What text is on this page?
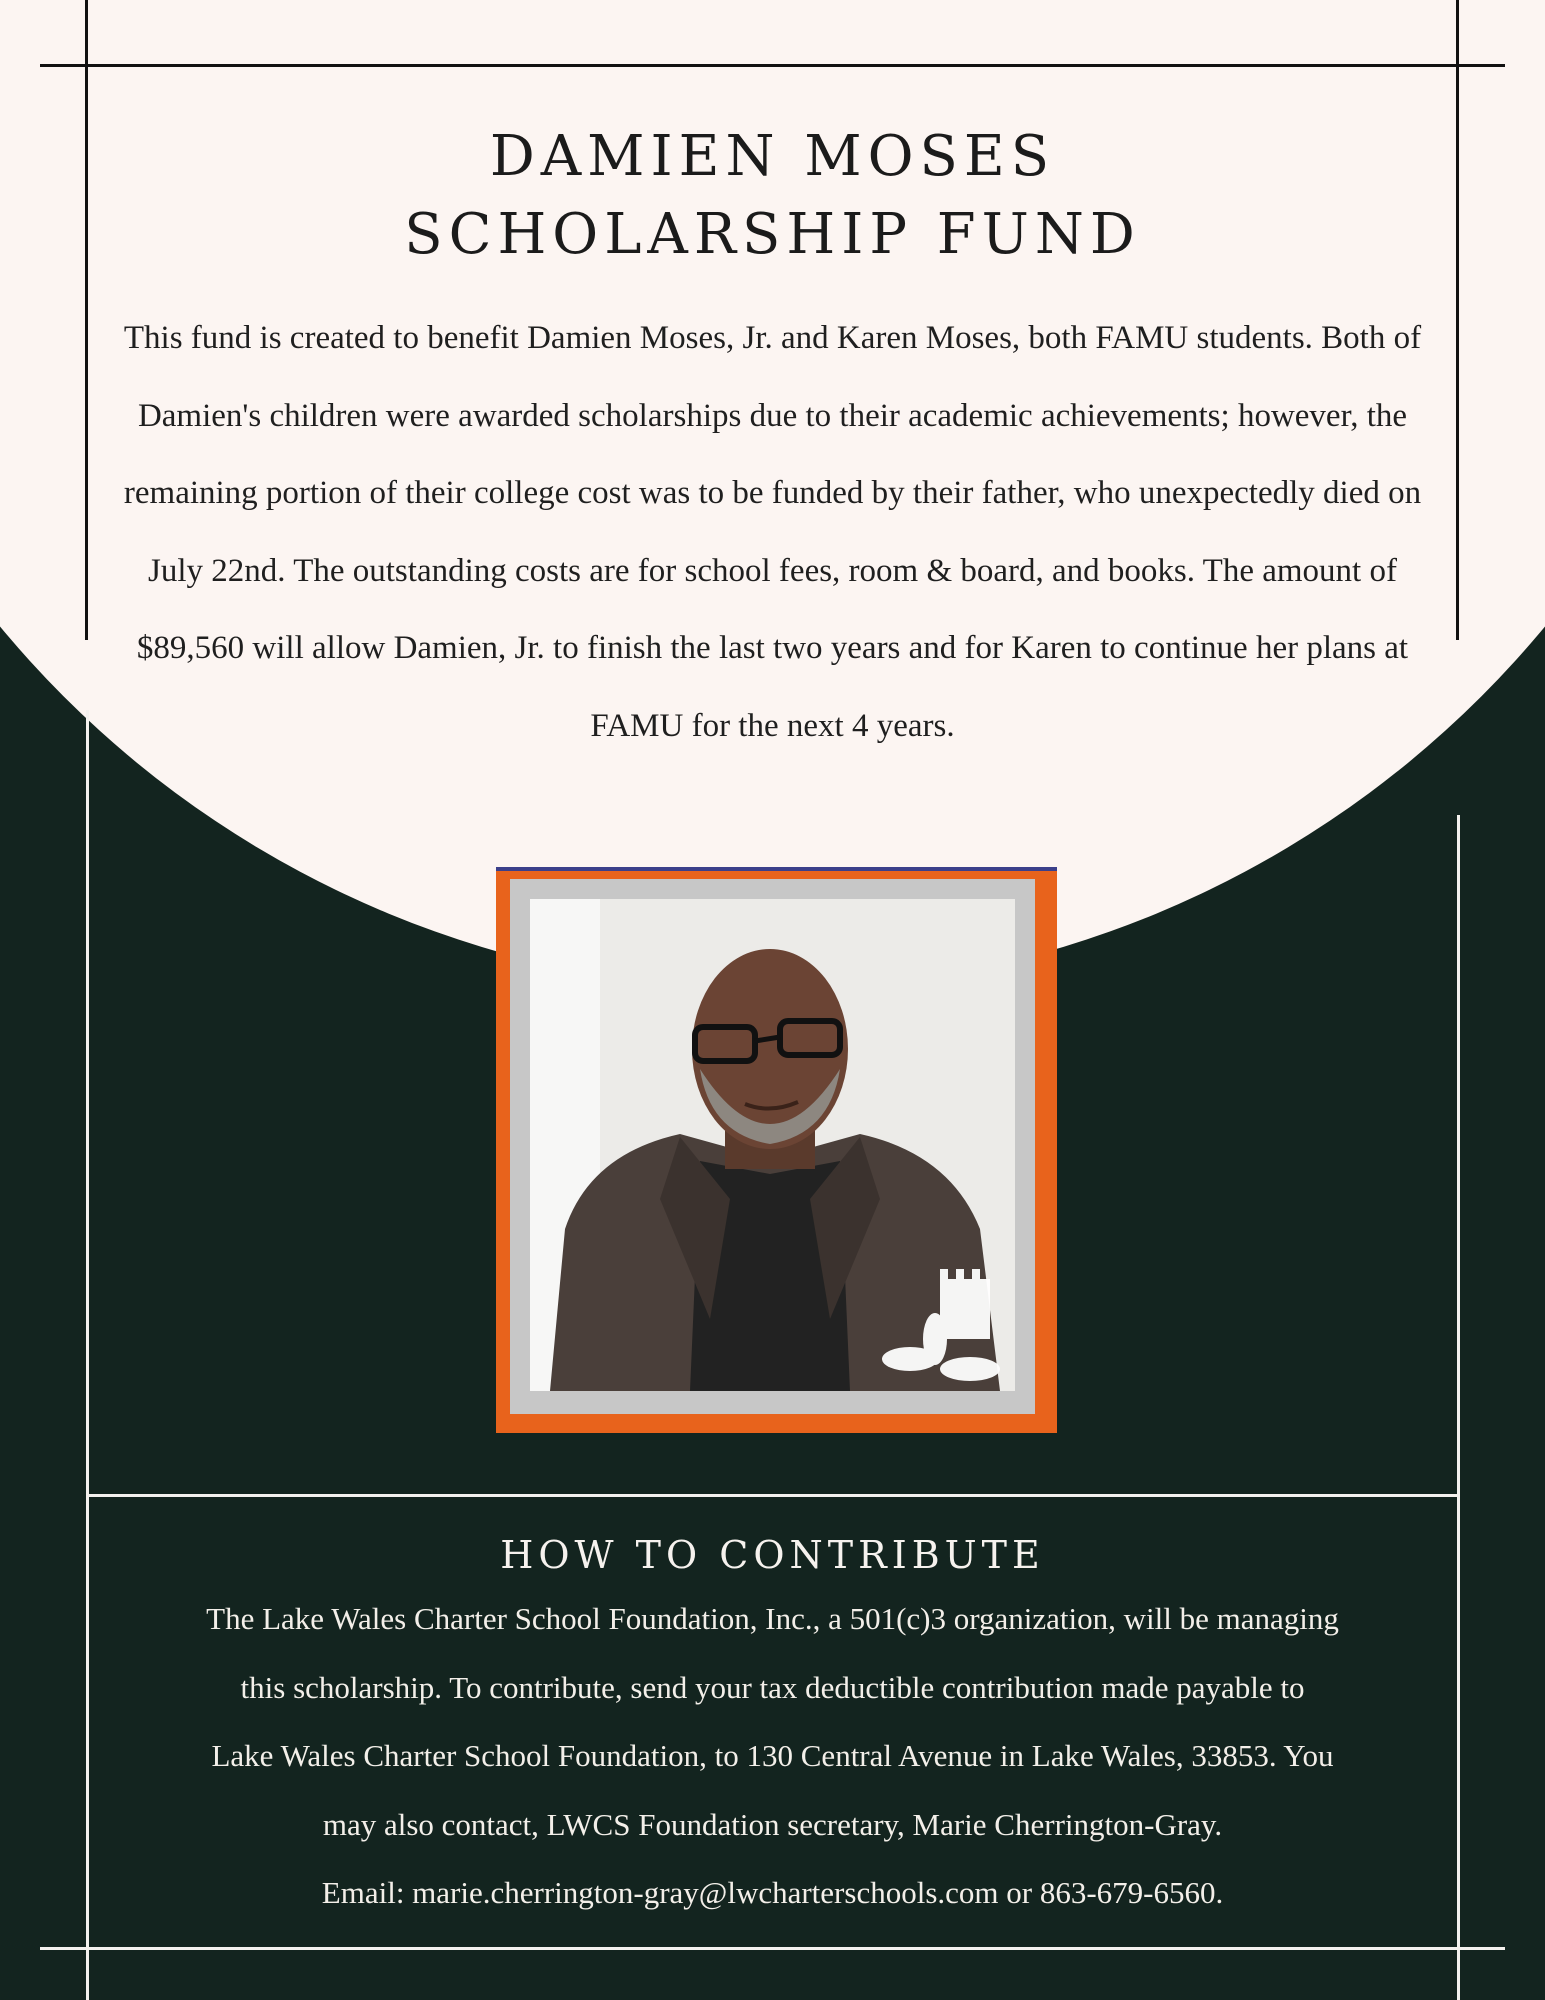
DAMIEN MOSES
SCHOLARSHIP FUND

This fund is created to benefit Damien Moses, Jr. and Karen Moses, both FAMU students. Both of Damien's children were awarded scholarships due to their academic achievements; however, the remaining portion of their college cost was to be funded by their father, who unexpectedly died on July 22nd. The outstanding costs are for school fees, room & board, and books. The amount of $89,560 will allow Damien, Jr. to finish the last two years and for Karen to continue her plans at FAMU for the next 4 years.

HOW TO CONTRIBUTE

The Lake Wales Charter School Foundation, Inc., a 501(c)3 organization, will be managing
this scholarship. To contribute, send your tax deductible contribution made payable to
Lake Wales Charter School Foundation, to 130 Central Avenue in Lake Wales, 33853. You
may also contact, LWCS Foundation secretary, Marie Cherrington-Gray.
Email: marie.cherrington-gray@lwcharterschools.com or 863-679-6560.
